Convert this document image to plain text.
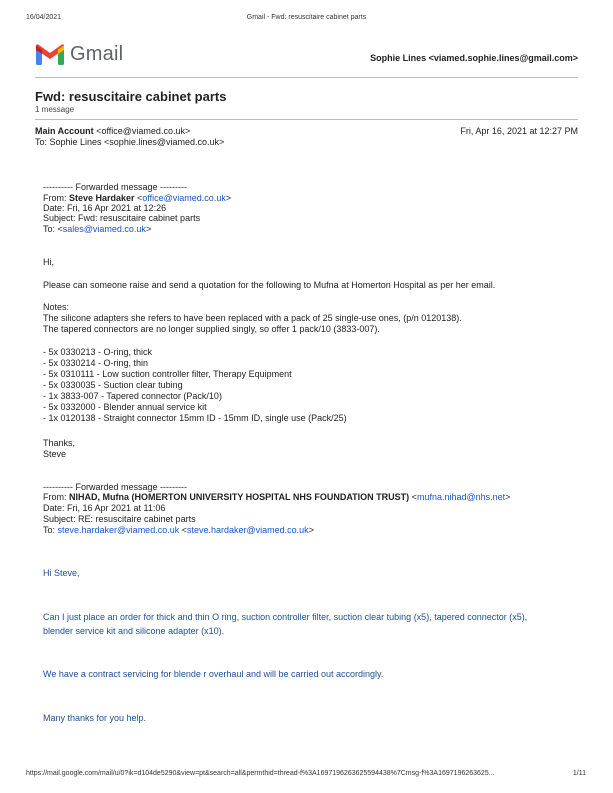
16/04/2021	Gmail - Fwd: resuscitaire cabinet parts
Gmail	Sophie Lines <viamed.sophie.lines@gmail.com>
Fwd: resuscitaire cabinet parts
1 message
Main Account <office@viamed.co.uk>	Fri, Apr 16, 2021 at 12:27 PM
To: Sophie Lines <sophie.lines@viamed.co.uk>
---------- Forwarded message ---------
From: Steve Hardaker <office@viamed.co.uk>
Date: Fri, 16 Apr 2021 at 12:26
Subject: Fwd: resuscitaire cabinet parts
To: <sales@viamed.co.uk>
Hi,
Please can someone raise and send a quotation for the following to Mufna at Homerton Hospital as per her email.
Notes:
The silicone adapters she refers to have been replaced with a pack of 25 single-use ones, (p/n 0120138).
The tapered connectors are no longer supplied singly, so offer 1 pack/10 (3833-007).
- 5x 0330213 - O-ring, thick
- 5x 0330214 - O-ring, thin
- 5x 0310111 - Low suction controller filter, Therapy Equipment
- 5x 0330035 - Suction clear tubing
- 1x 3833-007 - Tapered connector (Pack/10)
- 5x 0332000 - Blender annual service kit
- 1x 0120138 - Straight connector 15mm ID - 15mm ID, single use (Pack/25)
Thanks,
Steve
---------- Forwarded message ---------
From: NIHAD, Mufna (HOMERTON UNIVERSITY HOSPITAL NHS FOUNDATION TRUST) <mufna.nihad@nhs.net>
Date: Fri, 16 Apr 2021 at 11:06
Subject: RE: resuscitaire cabinet parts
To: steve.hardaker@viamed.co.uk <steve.hardaker@viamed.co.uk>
Hi Steve,
Can I just place an order for thick and thin O ring, suction controller filter, suction clear tubing (x5), tapered connector (x5),
blender service kit and silicone adapter (x10).
We have a contract servicing for blende r overhaul and will be carried out accordingly.
Many thanks for you help.
https://mail.google.com/mail/u/0?ik=d104de5290&view=pt&search=all&permthid=thread-f%3A1697196263625594438%7Cmsg-f%3A1697196263625...	1/11
